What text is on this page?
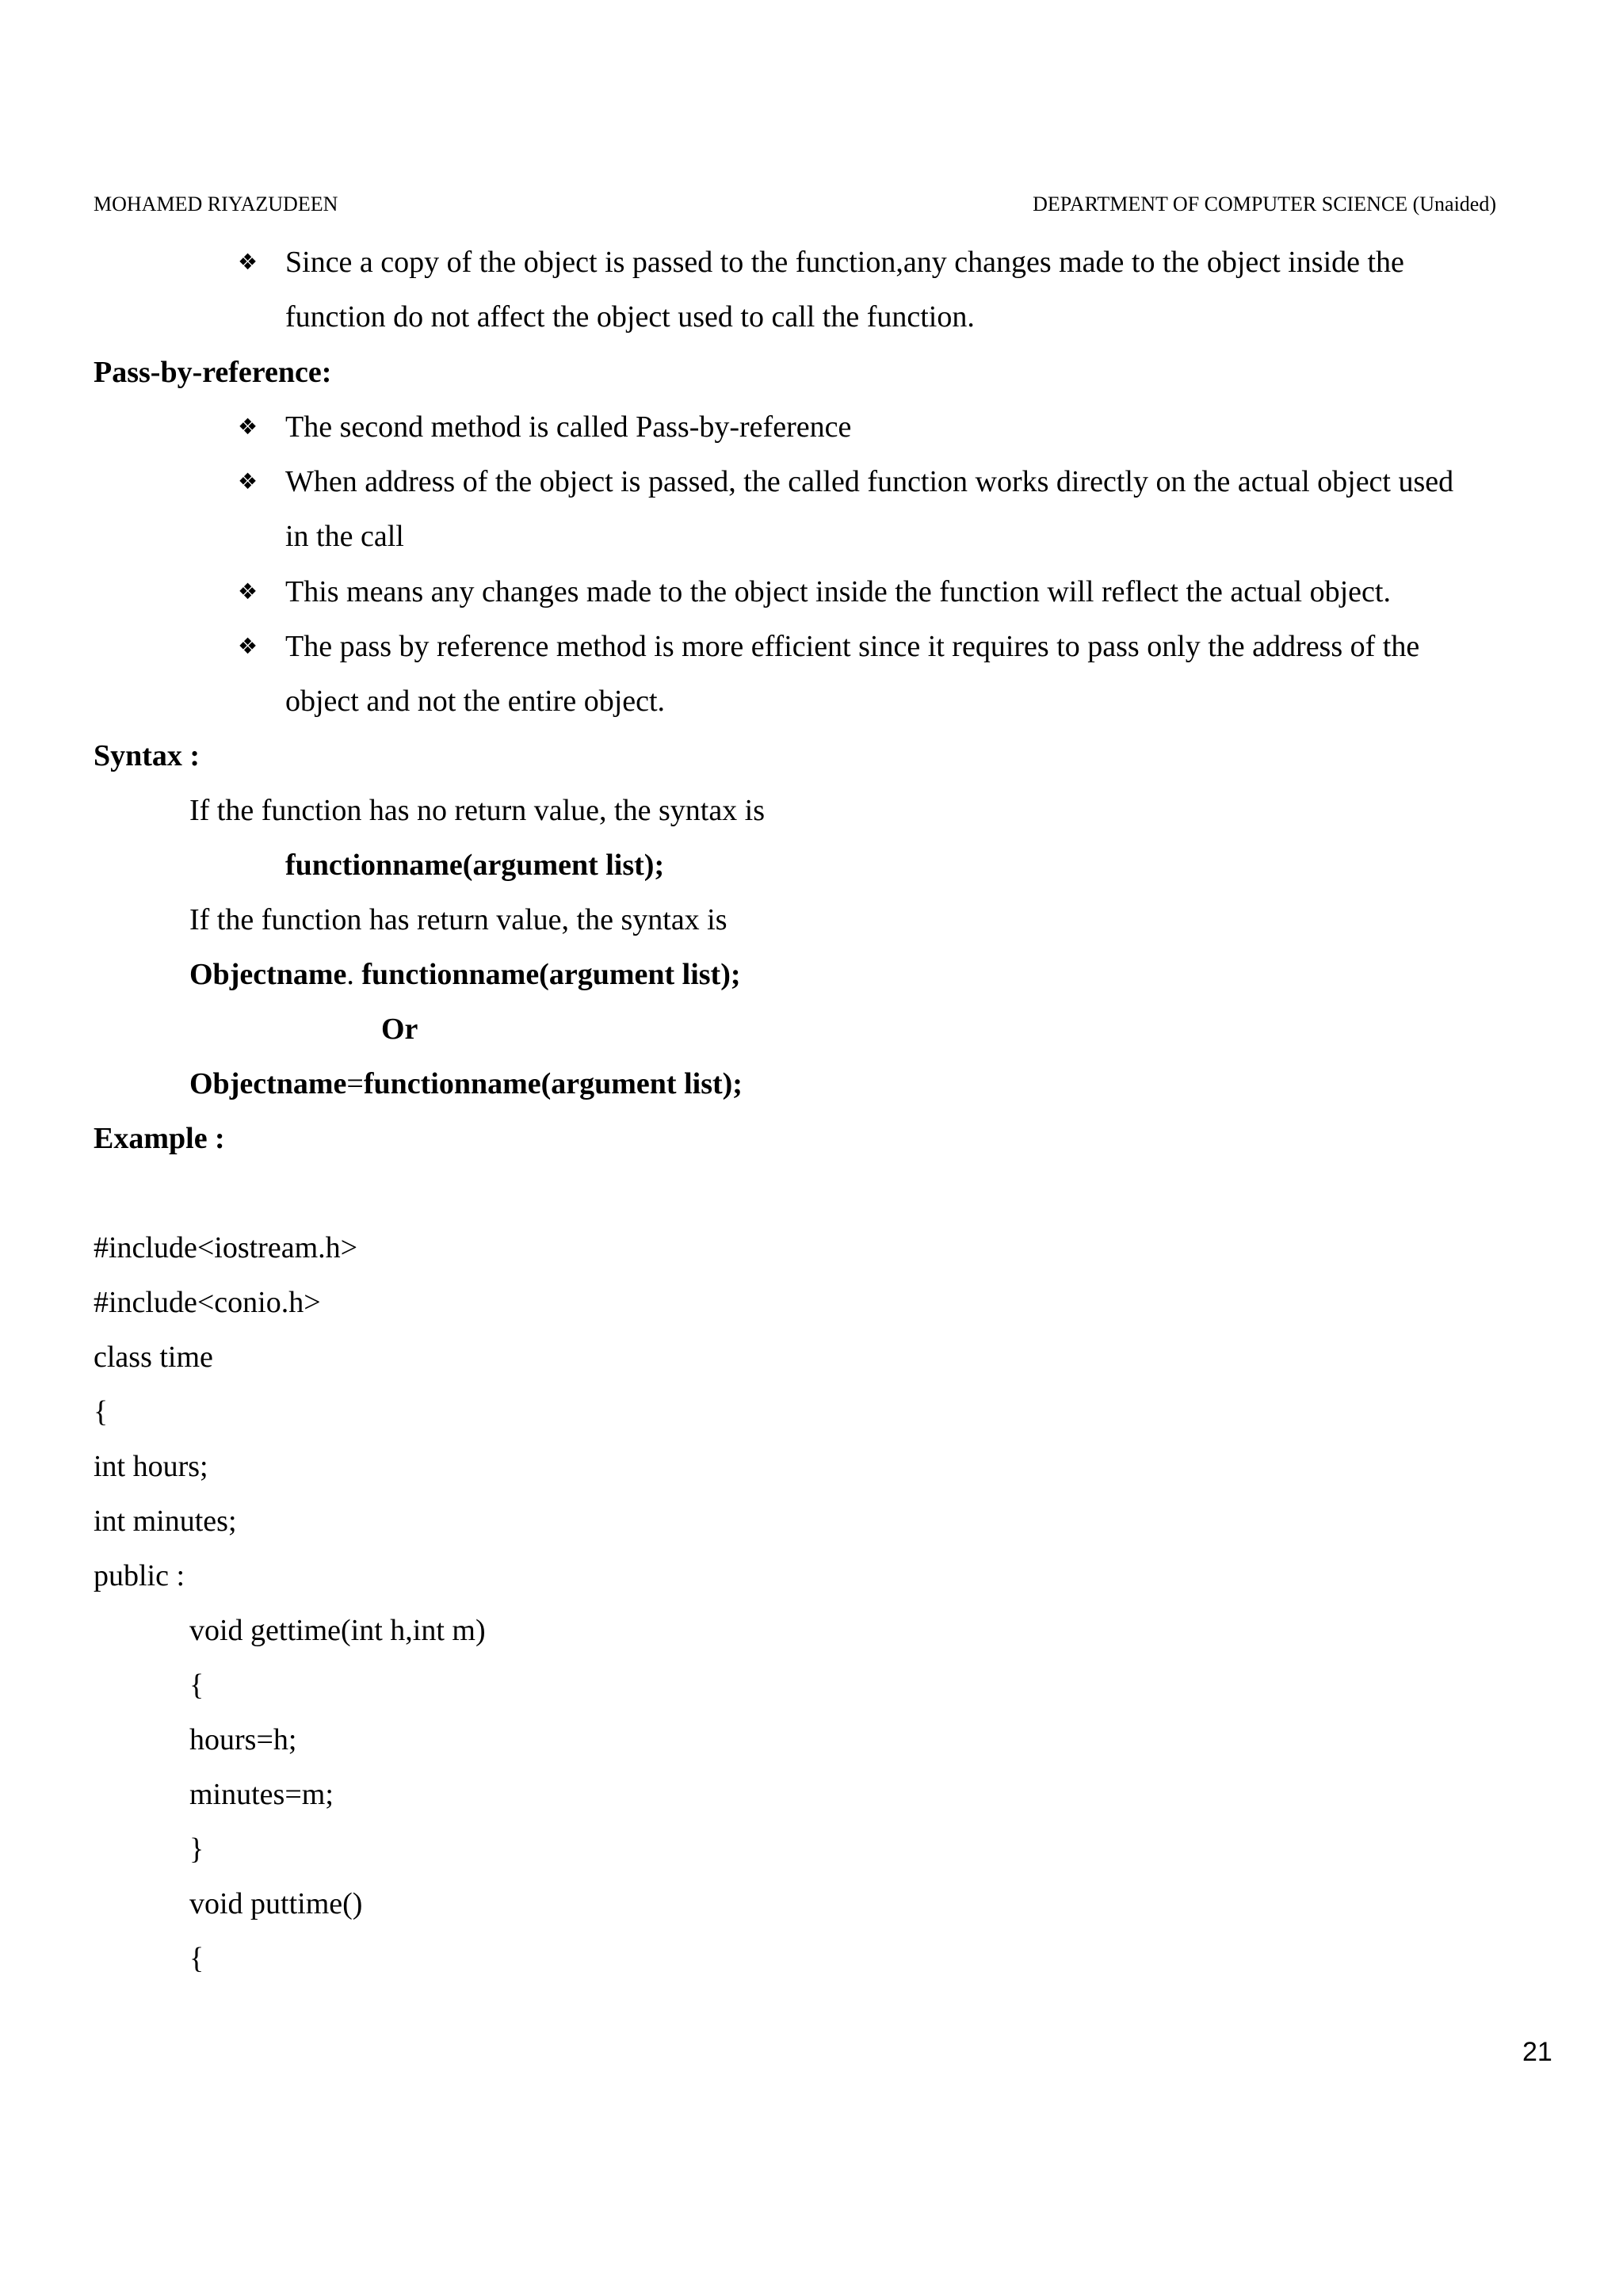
MOHAMED RIYAZUDEEN	DEPARTMENT OF COMPUTER SCIENCE (Unaided)
❖ Since a copy of the object is passed to the function,any changes made to the object inside the
function do not affect the object used to call the function.
Pass-by-reference:
❖ The second method is called Pass-by-reference
❖ When address of the object is passed, the called function works directly on the actual object used
in the call
❖ This means any changes made to the object inside the function will reflect the actual object.
❖ The pass by reference method is more efficient since it requires to pass only the address of the
object and not the entire object.
Syntax :
If the function has no return value, the syntax is
functionname(argument list);
If the function has return value, the syntax is
Objectname. functionname(argument list);
Or
Objectname=functionname(argument list);
Example :
#include<iostream.h>
#include<conio.h>
class time
{
int hours;
int minutes;
public :
void gettime(int h,int m)
{
hours=h;
minutes=m;
}
void puttime()
{
21
